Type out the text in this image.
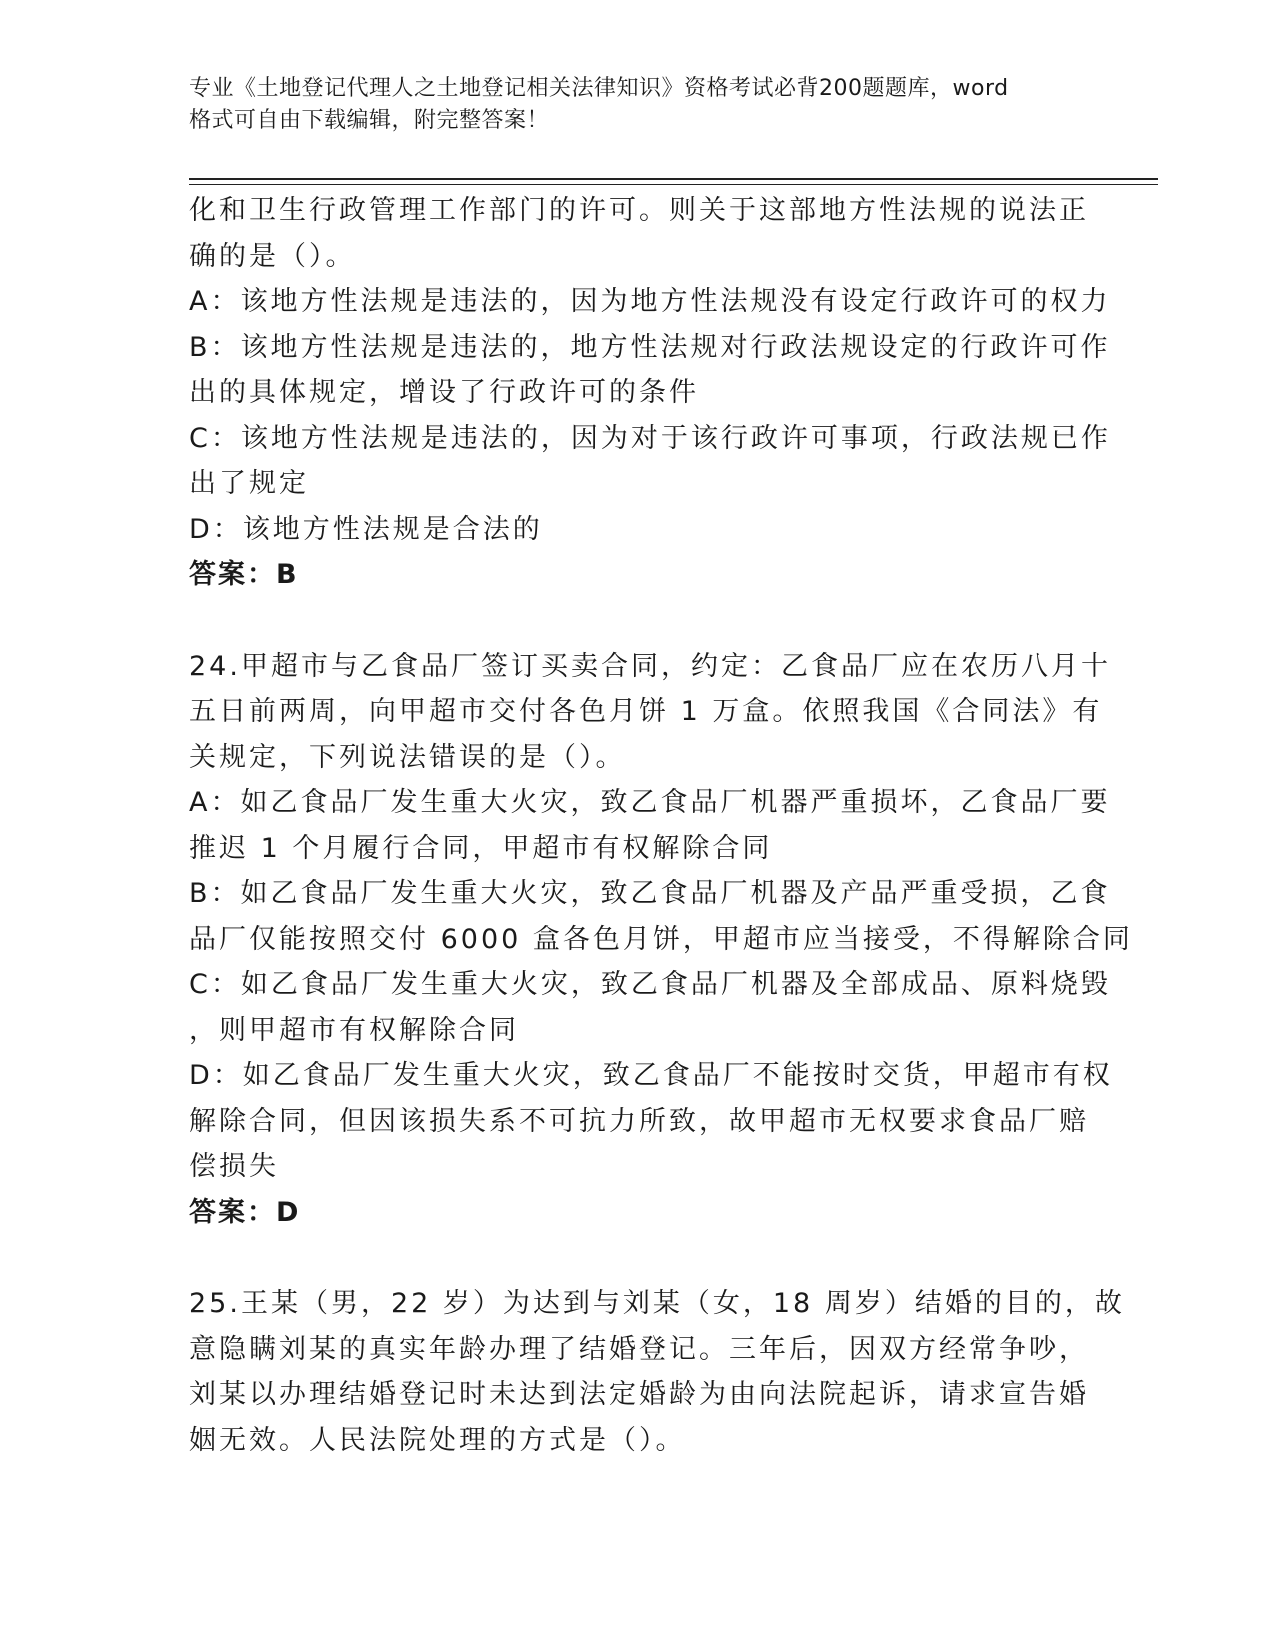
专业《土地登记代理人之土地登记相关法律知识》资格考试必背200题题库，word
格式可自由下载编辑，附完整答案！
化和卫生行政管理工作部门的许可。则关于这部地方性法规的说法正
确的是（）。
A：该地方性法规是违法的，因为地方性法规没有设定行政许可的权力
B：该地方性法规是违法的，地方性法规对行政法规设定的行政许可作
出的具体规定，增设了行政许可的条件
C：该地方性法规是违法的，因为对于该行政许可事项，行政法规已作
出了规定
D：该地方性法规是合法的
答案：B
24.甲超市与乙食品厂签订买卖合同，约定：乙食品厂应在农历八月十
五日前两周，向甲超市交付各色月饼 1 万盒。依照我国《合同法》有
关规定，下列说法错误的是（）。
A：如乙食品厂发生重大火灾，致乙食品厂机器严重损坏，乙食品厂要
推迟 1 个月履行合同，甲超市有权解除合同
B：如乙食品厂发生重大火灾，致乙食品厂机器及产品严重受损，乙食
品厂仅能按照交付 6000 盒各色月饼，甲超市应当接受，不得解除合同
C：如乙食品厂发生重大火灾，致乙食品厂机器及全部成品、原料烧毁
，则甲超市有权解除合同
D：如乙食品厂发生重大火灾，致乙食品厂不能按时交货，甲超市有权
解除合同，但因该损失系不可抗力所致，故甲超市无权要求食品厂赔
偿损失
答案：D
25.王某（男，22 岁）为达到与刘某（女，18 周岁）结婚的目的，故
意隐瞒刘某的真实年龄办理了结婚登记。三年后，因双方经常争吵，
刘某以办理结婚登记时未达到法定婚龄为由向法院起诉，请求宣告婚
姻无效。人民法院处理的方式是（）。
